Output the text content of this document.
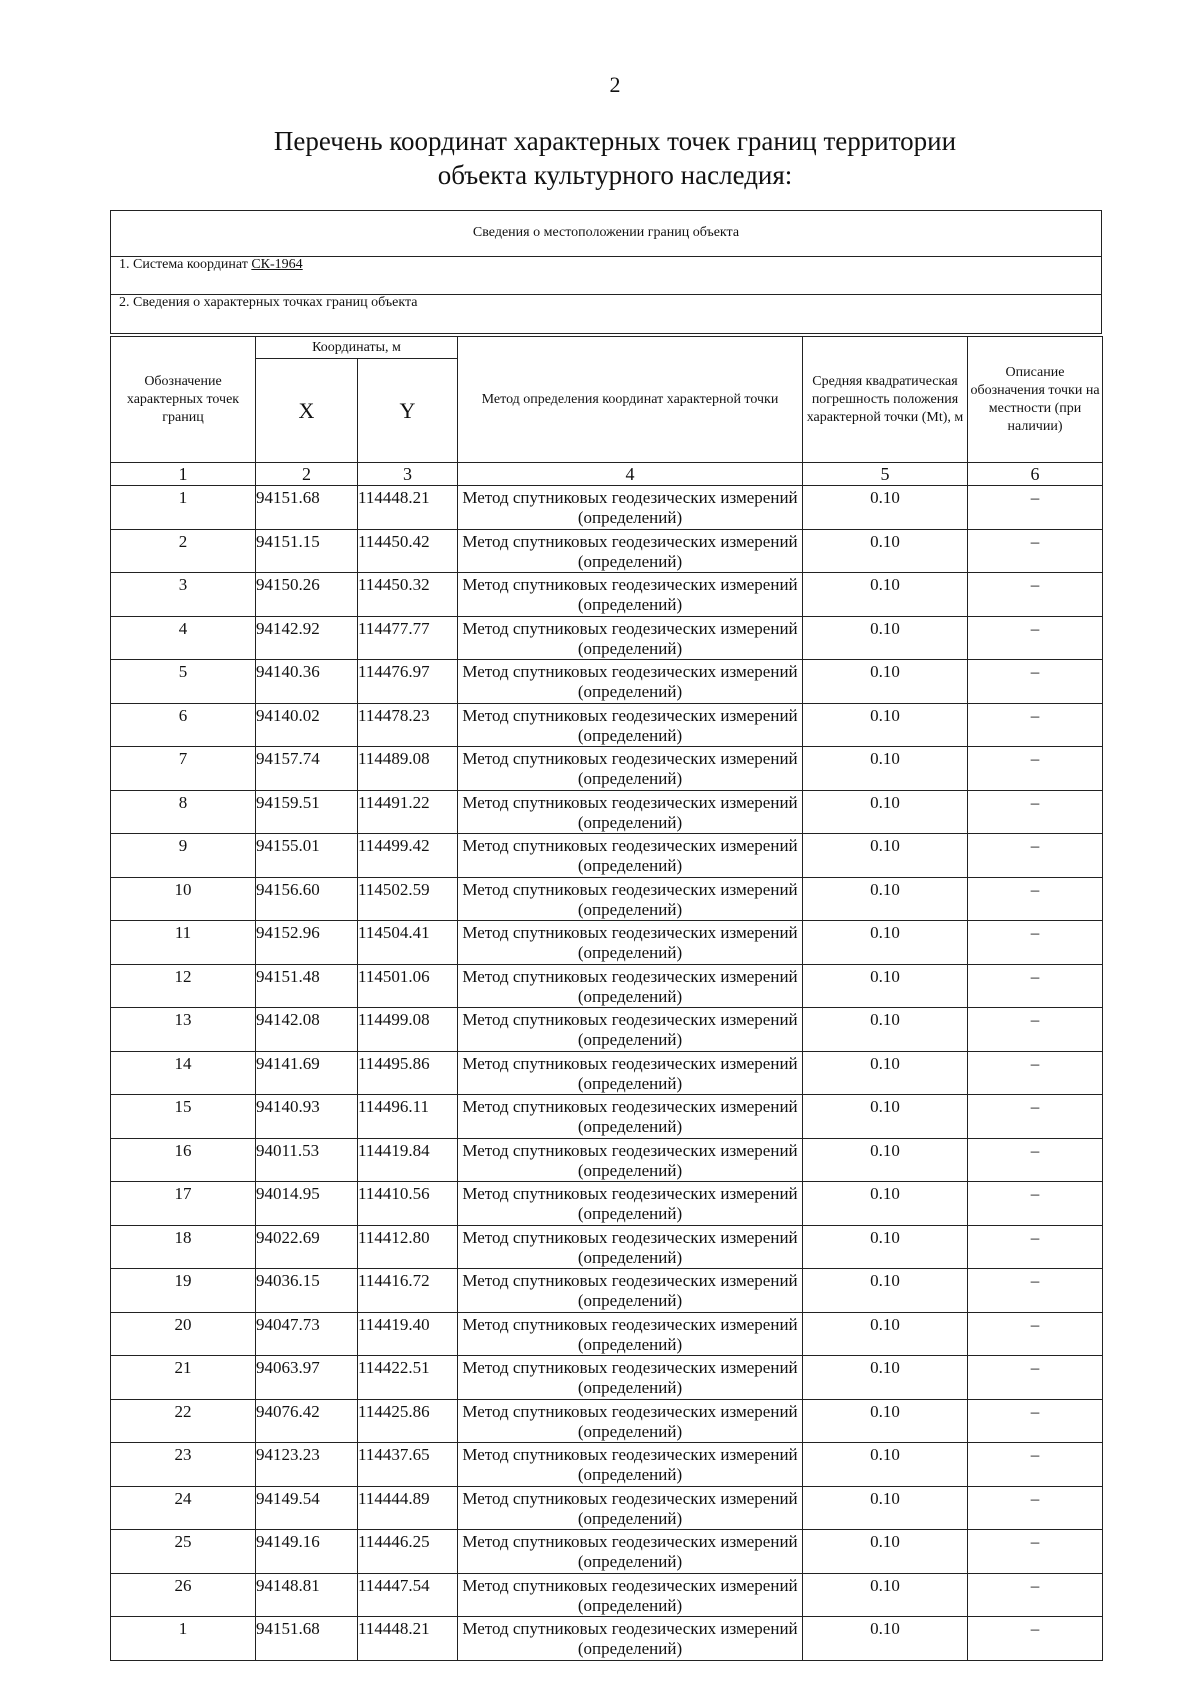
2
Перечень координат характерных точек границ территории
объекта культурного наследия:
Сведения о местоположении границ объекта
1. Система координат СК-1964
2. Сведения о характерных точках границ объекта
Обозначение характерных точек границ	Координаты, м		Метод определения координат характерной точки	Средняя квадратическая погрешность положения характерной точки (Mt), м	Описание обозначения точки на местности (при наличии)
	X	Y			
1	2	3	4	5	6
1	94151.68	114448.21	Метод спутниковых геодезических измерений (определений)	0.10	–
2	94151.15	114450.42	Метод спутниковых геодезических измерений (определений)	0.10	–
3	94150.26	114450.32	Метод спутниковых геодезических измерений (определений)	0.10	–
4	94142.92	114477.77	Метод спутниковых геодезических измерений (определений)	0.10	–
5	94140.36	114476.97	Метод спутниковых геодезических измерений (определений)	0.10	–
6	94140.02	114478.23	Метод спутниковых геодезических измерений (определений)	0.10	–
7	94157.74	114489.08	Метод спутниковых геодезических измерений (определений)	0.10	–
8	94159.51	114491.22	Метод спутниковых геодезических измерений (определений)	0.10	–
9	94155.01	114499.42	Метод спутниковых геодезических измерений (определений)	0.10	–
10	94156.60	114502.59	Метод спутниковых геодезических измерений (определений)	0.10	–
11	94152.96	114504.41	Метод спутниковых геодезических измерений (определений)	0.10	–
12	94151.48	114501.06	Метод спутниковых геодезических измерений (определений)	0.10	–
13	94142.08	114499.08	Метод спутниковых геодезических измерений (определений)	0.10	–
14	94141.69	114495.86	Метод спутниковых геодезических измерений (определений)	0.10	–
15	94140.93	114496.11	Метод спутниковых геодезических измерений (определений)	0.10	–
16	94011.53	114419.84	Метод спутниковых геодезических измерений (определений)	0.10	–
17	94014.95	114410.56	Метод спутниковых геодезических измерений (определений)	0.10	–
18	94022.69	114412.80	Метод спутниковых геодезических измерений (определений)	0.10	–
19	94036.15	114416.72	Метод спутниковых геодезических измерений (определений)	0.10	–
20	94047.73	114419.40	Метод спутниковых геодезических измерений (определений)	0.10	–
21	94063.97	114422.51	Метод спутниковых геодезических измерений (определений)	0.10	–
22	94076.42	114425.86	Метод спутниковых геодезических измерений (определений)	0.10	–
23	94123.23	114437.65	Метод спутниковых геодезических измерений (определений)	0.10	–
24	94149.54	114444.89	Метод спутниковых геодезических измерений (определений)	0.10	–
25	94149.16	114446.25	Метод спутниковых геодезических измерений (определений)	0.10	–
26	94148.81	114447.54	Метод спутниковых геодезических измерений (определений)	0.10	–
1	94151.68	114448.21	Метод спутниковых геодезических измерений (определений)	0.10	–
